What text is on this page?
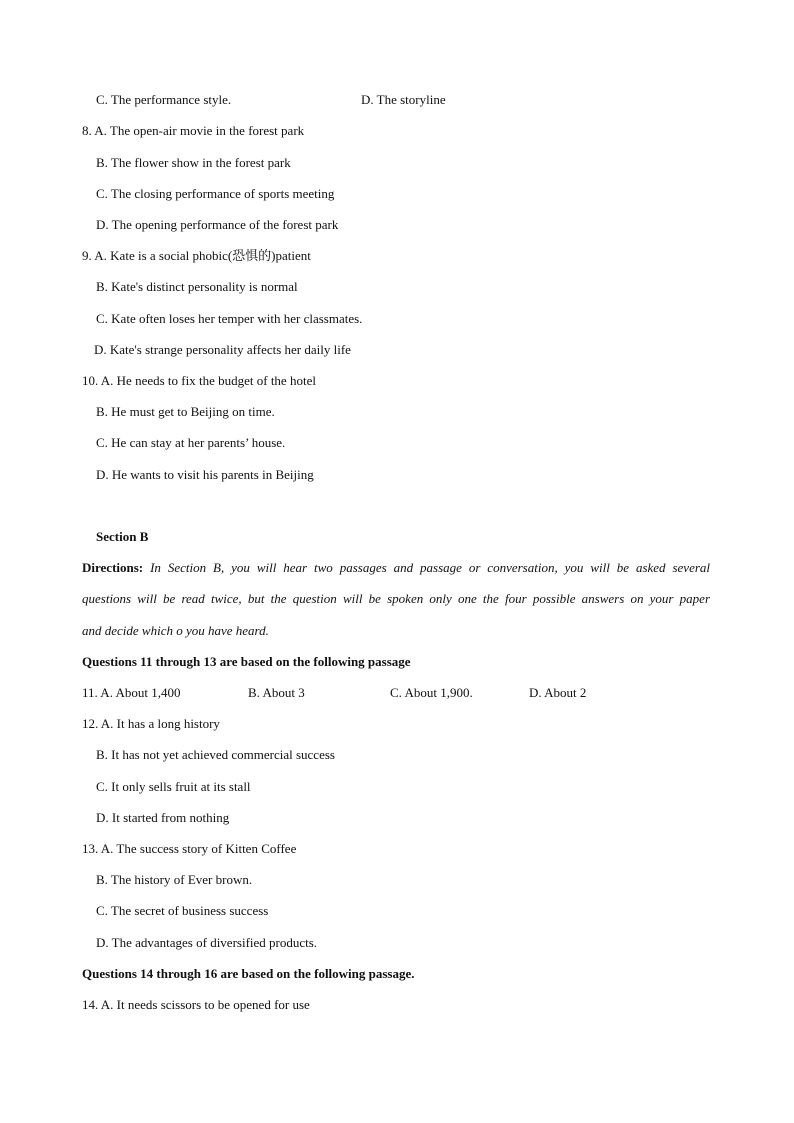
C. The performance style.	D. The storyline
8. A. The open-air movie in the forest park
B. The flower show in the forest park
C. The closing performance of sports meeting
D. The opening performance of the forest park
9. A. Kate is a social phobic(恐惧的)patient
B. Kate's distinct personality is normal
C. Kate often loses her temper with her classmates.
D. Kate's strange personality affects her daily life
10. A. He needs to fix the budget of the hotel
B. He must get to Beijing on time.
C. He can stay at her parents’ house.
D. He wants to visit his parents in Beijing
Section B
Directions: In Section B, you will hear two passages and passage or conversation, you will be asked several
questions will be read twice, but the question will be spoken only one the four possible answers on your paper
and decide which o you have heard.
Questions 11 through 13 are based on the following passage
11. A. About 1,400	B. About 3	C. About 1,900.	D. About 2
12. A. It has a long history
B. It has not yet achieved commercial success
C. It only sells fruit at its stall
D. It started from nothing
13. A. The success story of Kitten Coffee
B. The history of Ever brown.
C. The secret of business success
D. The advantages of diversified products.
Questions 14 through 16 are based on the following passage.
14. A. It needs scissors to be opened for use
